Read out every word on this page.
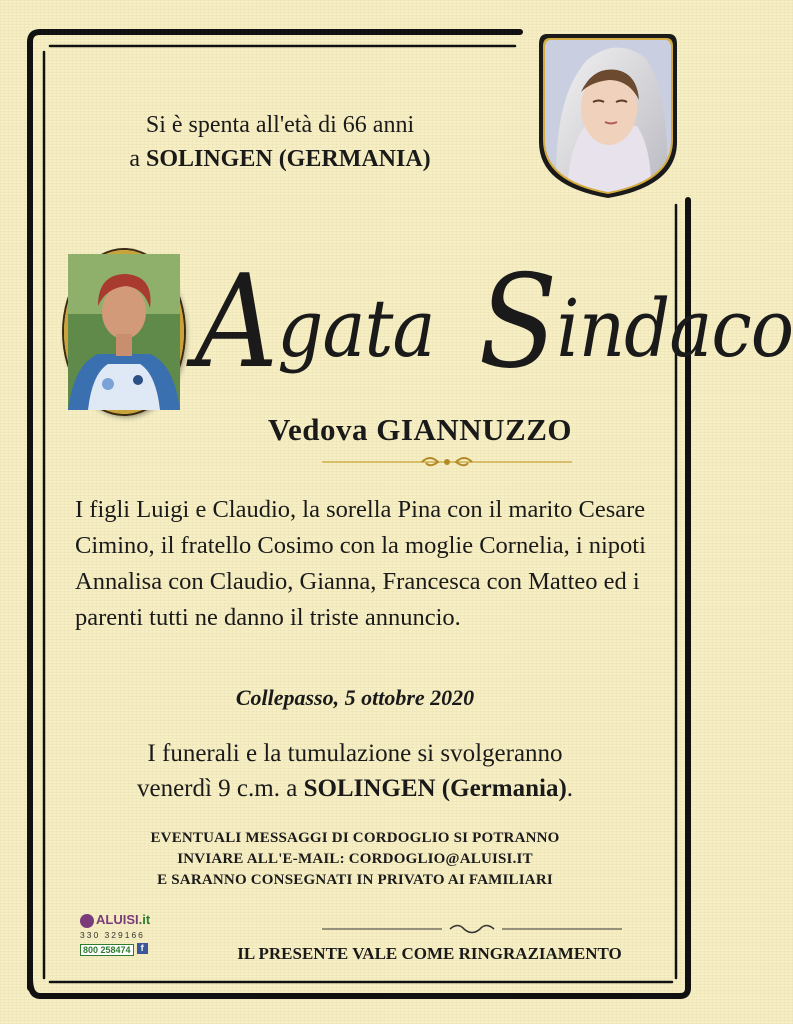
Si è spenta all'età di 66 anni
a SOLINGEN (GERMANIA)
Agata Sindaco
Vedova GIANNUZZO
I figli Luigi e Claudio, la sorella Pina con il marito Cesare Cimino, il fratello Cosimo con la moglie Cornelia, i nipoti Annalisa con Claudio, Gianna, Francesca con Matteo ed i parenti tutti ne danno il triste annuncio.
Collepasso, 5 ottobre 2020
I funerali e la tumulazione si svolgeranno
venerdì 9 c.m. a SOLINGEN (Germania).
EVENTUALI MESSAGGI DI CORDOGLIO SI POTRANNO
INVIARE ALL'E-MAIL: CORDOGLIO@ALUISI.IT
E SARANNO CONSEGNATI IN PRIVATO AI FAMILIARI
ALUISI.it
330 329166
800 258474 f	IL PRESENTE VALE COME RINGRAZIAMENTO
